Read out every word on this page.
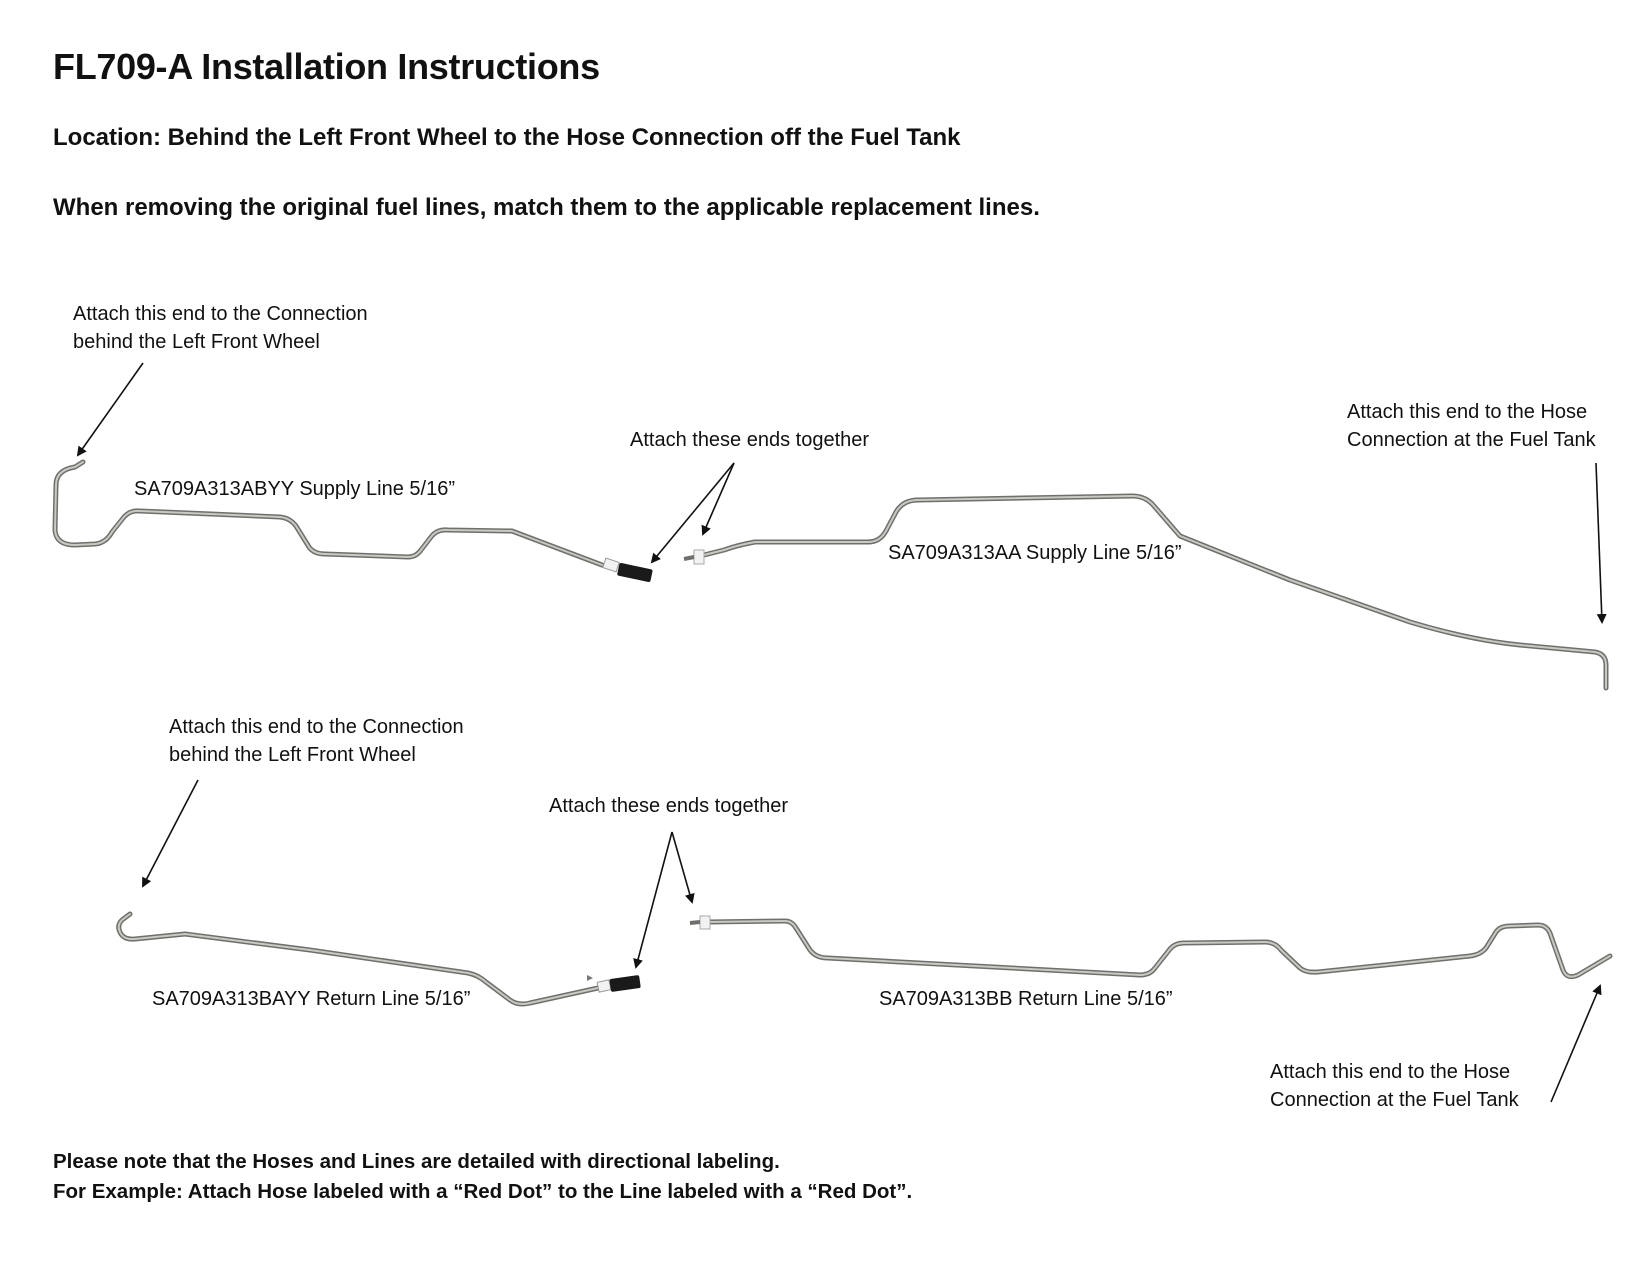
FL709-A Installation Instructions
Location: Behind the Left Front Wheel to the Hose Connection off the Fuel Tank
When removing the original fuel lines, match them to the applicable replacement lines.
Attach this end to the Connection
behind the Left Front Wheel
Attach these ends together
Attach this end to the Hose
Connection at the Fuel Tank
SA709A313ABYY Supply Line 5/16”
SA709A313AA Supply Line 5/16”
Attach this end to the Connection
behind the Left Front Wheel
Attach these ends together
Attach this end to the Hose
Connection at the Fuel Tank
SA709A313BAYY Return Line 5/16”	SA709A313BB Return Line 5/16”
Please note that the Hoses and Lines are detailed with directional labeling.
For Example: Attach Hose labeled with a “Red Dot” to the Line labeled with a “Red Dot”.
